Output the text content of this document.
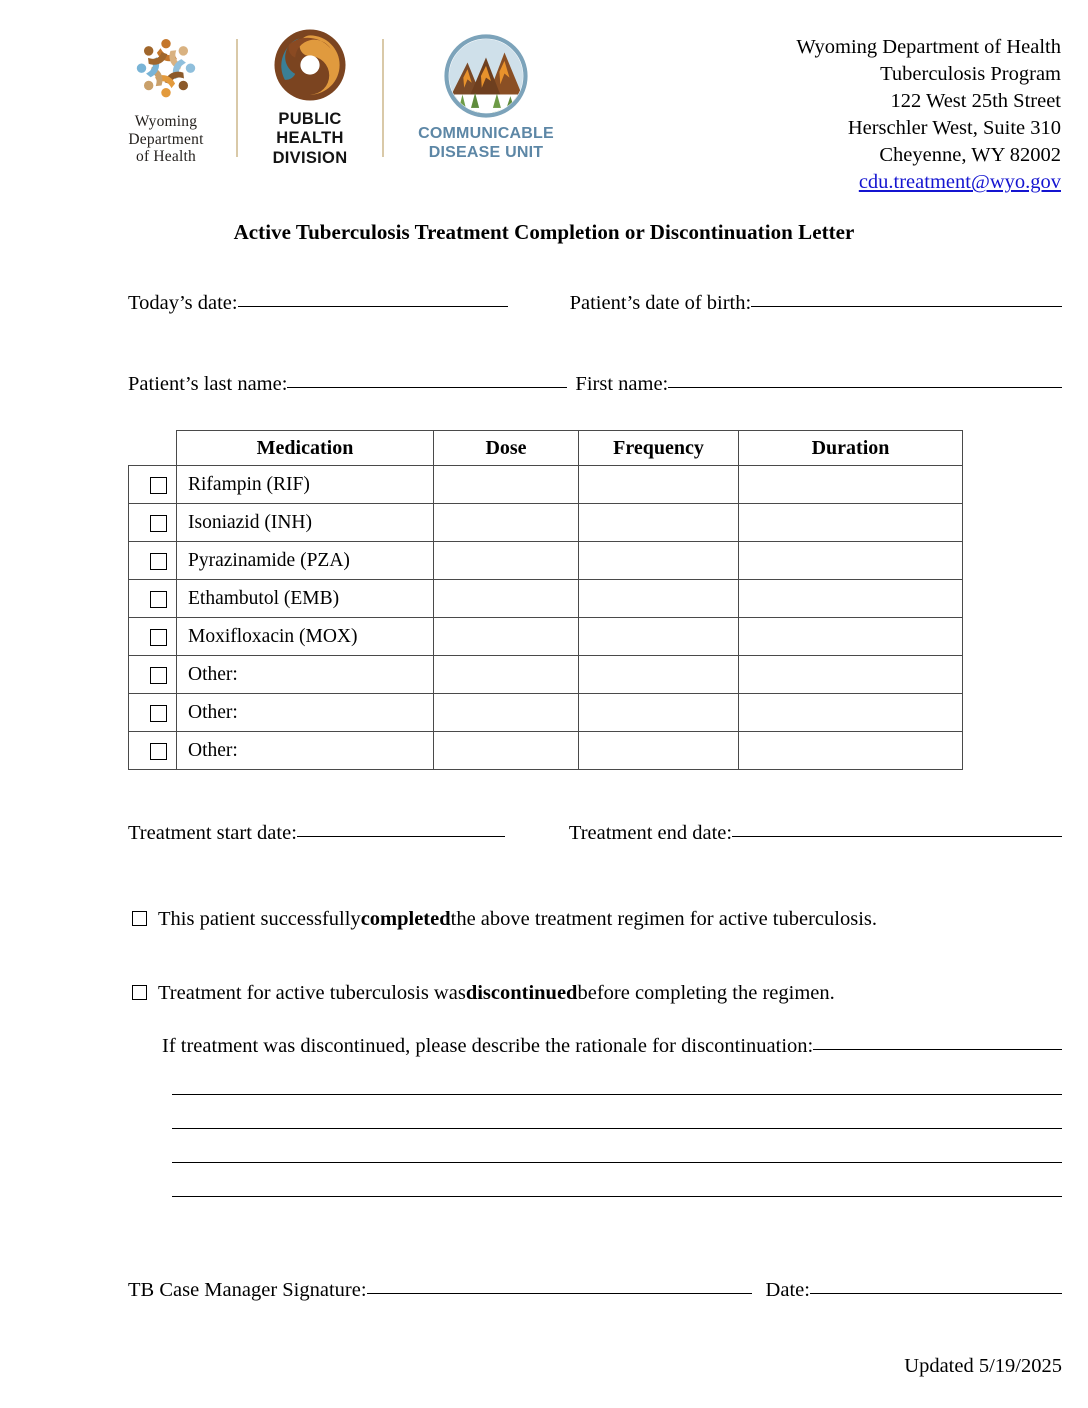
Wyoming
Department
of Health
PUBLIC
HEALTH
DIVISION
COMMUNICABLE
DISEASE UNIT
Wyoming Department of Health
Tuberculosis Program
122 West 25th Street
Herschler West, Suite 310
Cheyenne, WY 82002
cdu.treatment@wyo.gov
Active Tuberculosis Treatment Completion or Discontinuation Letter
Today’s date:	Patient’s date of birth:
Patient’s last name:	First name:
	Medication	Dose	Frequency	Duration
	Rifampin (RIF)			
	Isoniazid (INH)			
	Pyrazinamide (PZA)			
	Ethambutol (EMB)			
	Moxifloxacin (MOX)			
	Other:			
	Other:			
	Other:			
Treatment start date:	Treatment end date:
This patient successfully completed the above treatment regimen for active tuberculosis.
Treatment for active tuberculosis was discontinued before completing the regimen.
If treatment was discontinued, please describe the rationale for discontinuation:
TB Case Manager Signature:	Date:
Updated 5/19/2025
